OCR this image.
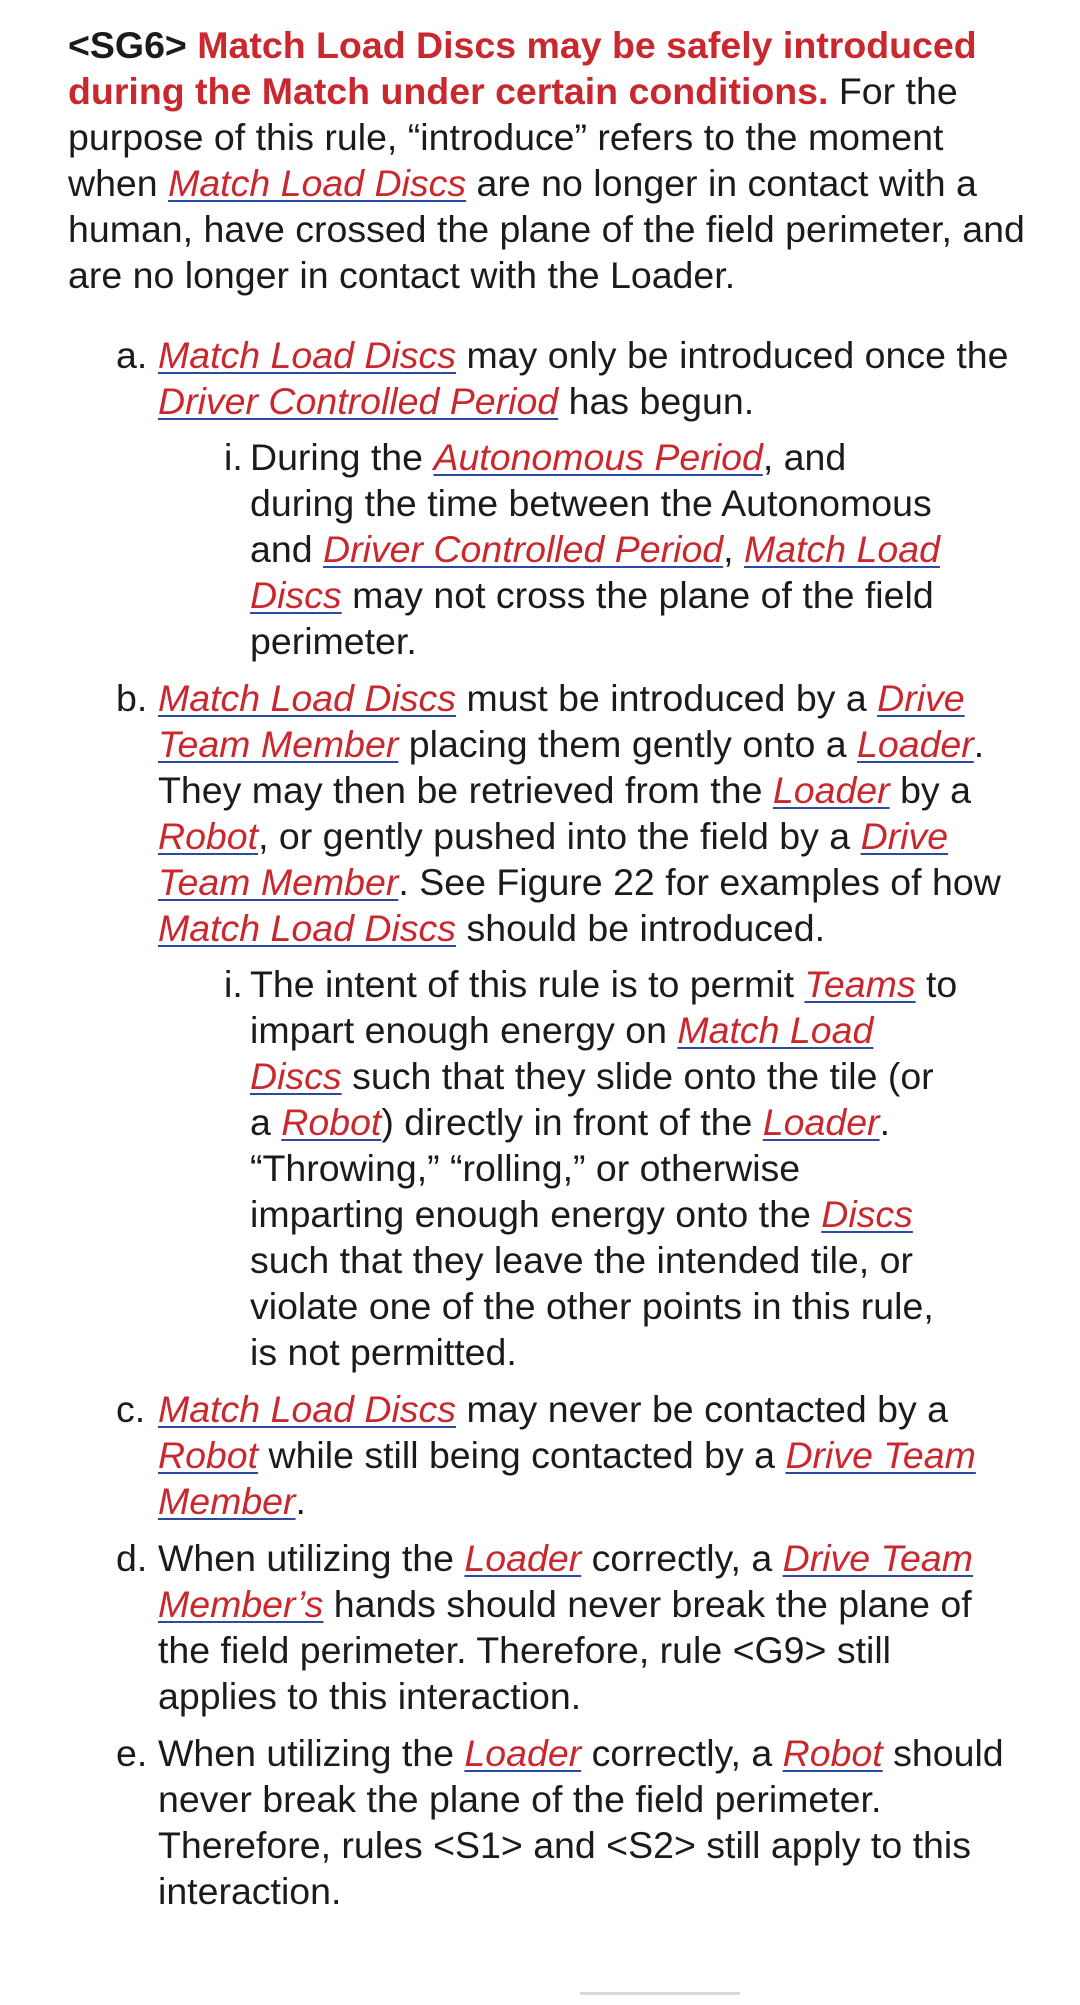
<SG6> Match Load Discs may be safely introduced during the Match under certain conditions. For the purpose of this rule, “introduce” refers to the moment when Match Load Discs are no longer in contact with a human, have crossed the plane of the field perimeter, and are no longer in contact with the Loader.

a. Match Load Discs may only be introduced once the Driver Controlled Period has begun.
i. During the Autonomous Period, and during the time between the Autonomous and Driver Controlled Period, Match Load Discs may not cross the plane of the field perimeter.
b. Match Load Discs must be introduced by a Drive Team Member placing them gently onto a Loader. They may then be retrieved from the Loader by a Robot, or gently pushed into the field by a Drive Team Member. See Figure 22 for examples of how Match Load Discs should be introduced.
i. The intent of this rule is to permit Teams to impart enough energy on Match Load Discs such that they slide onto the tile (or a Robot) directly in front of the Loader. “Throwing,” “rolling,” or otherwise imparting enough energy onto the Discs such that they leave the intended tile, or violate one of the other points in this rule, is not permitted.
c. Match Load Discs may never be contacted by a Robot while still being contacted by a Drive Team Member.
d. When utilizing the Loader correctly, a Drive Team Member’s hands should never break the plane of the field perimeter. Therefore, rule <G9> still applies to this interaction.
e. When utilizing the Loader correctly, a Robot should never break the plane of the field perimeter. Therefore, rules <S1> and <S2> still apply to this interaction.
